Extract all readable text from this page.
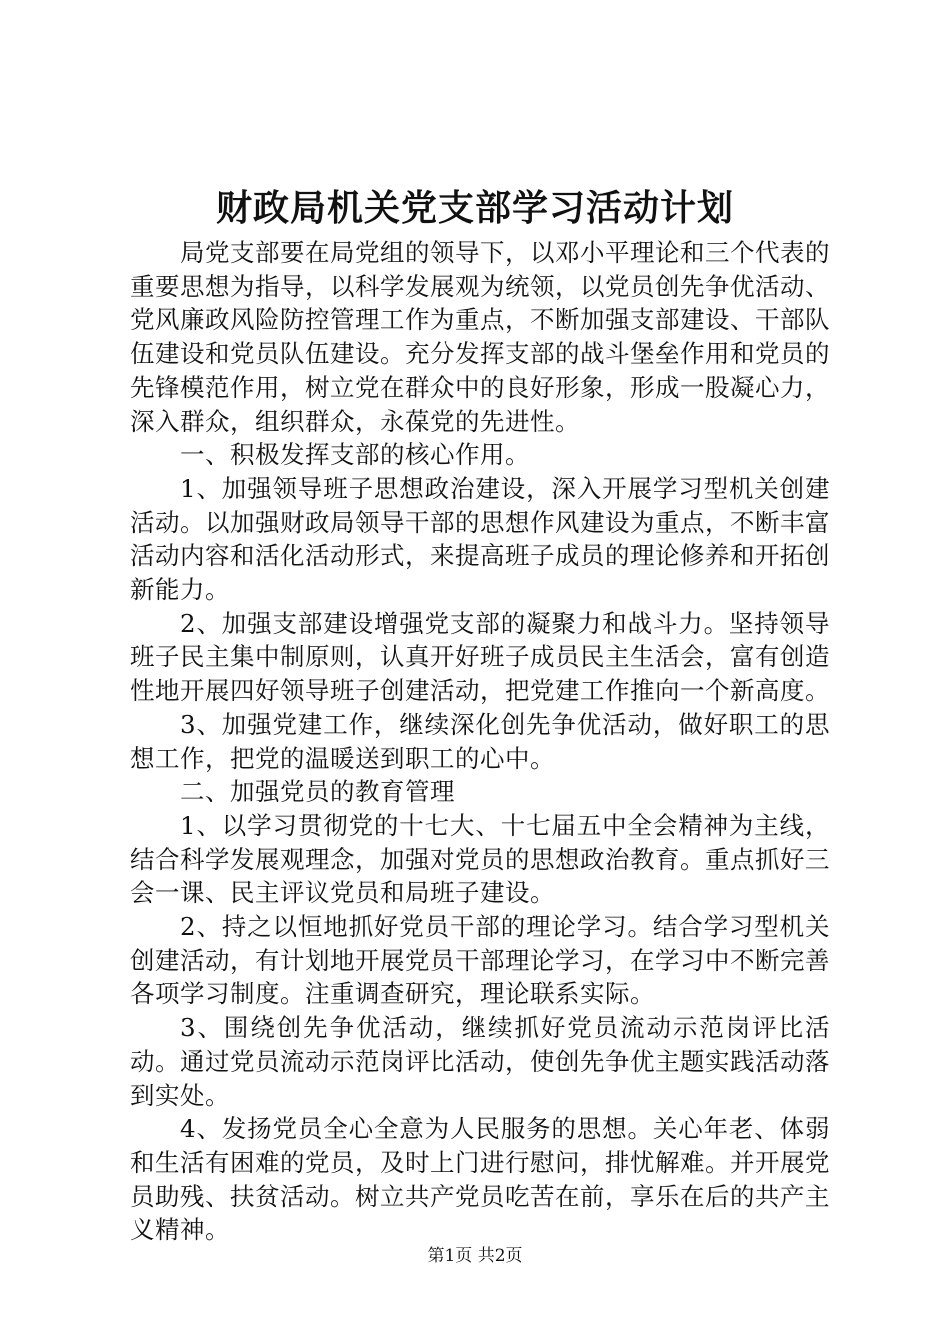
财政局机关党支部学习活动计划

局党支部要在局党组的领导下，以邓小平理论和三个代表的重要思想为指导，以科学发展观为统领，以党员创先争优活动、党风廉政风险防控管理工作为重点，不断加强支部建设、干部队伍建设和党员队伍建设。充分发挥支部的战斗堡垒作用和党员的先锋模范作用，树立党在群众中的良好形象，形成一股凝心力，深入群众，组织群众，永葆党的先进性。

一、积极发挥支部的核心作用。

1、加强领导班子思想政治建设，深入开展学习型机关创建活动。以加强财政局领导干部的思想作风建设为重点，不断丰富活动内容和活化活动形式，来提高班子成员的理论修养和开拓创新能力。

2、加强支部建设增强党支部的凝聚力和战斗力。坚持领导班子民主集中制原则，认真开好班子成员民主生活会，富有创造性地开展四好领导班子创建活动，把党建工作推向一个新高度。

3、加强党建工作，继续深化创先争优活动，做好职工的思想工作，把党的温暖送到职工的心中。

二、加强党员的教育管理

1、以学习贯彻党的十七大、十七届五中全会精神为主线，结合科学发展观理念，加强对党员的思想政治教育。重点抓好三会一课、民主评议党员和局班子建设。

2、持之以恒地抓好党员干部的理论学习。结合学习型机关创建活动，有计划地开展党员干部理论学习，在学习中不断完善各项学习制度。注重调查研究，理论联系实际。

3、围绕创先争优活动，继续抓好党员流动示范岗评比活动。通过党员流动示范岗评比活动，使创先争优主题实践活动落到实处。

4、发扬党员全心全意为人民服务的思想。关心年老、体弱和生活有困难的党员，及时上门进行慰问，排忧解难。并开展党员助残、扶贫活动。树立共产党员吃苦在前，享乐在后的共产主义精神。

第1页 共2页
